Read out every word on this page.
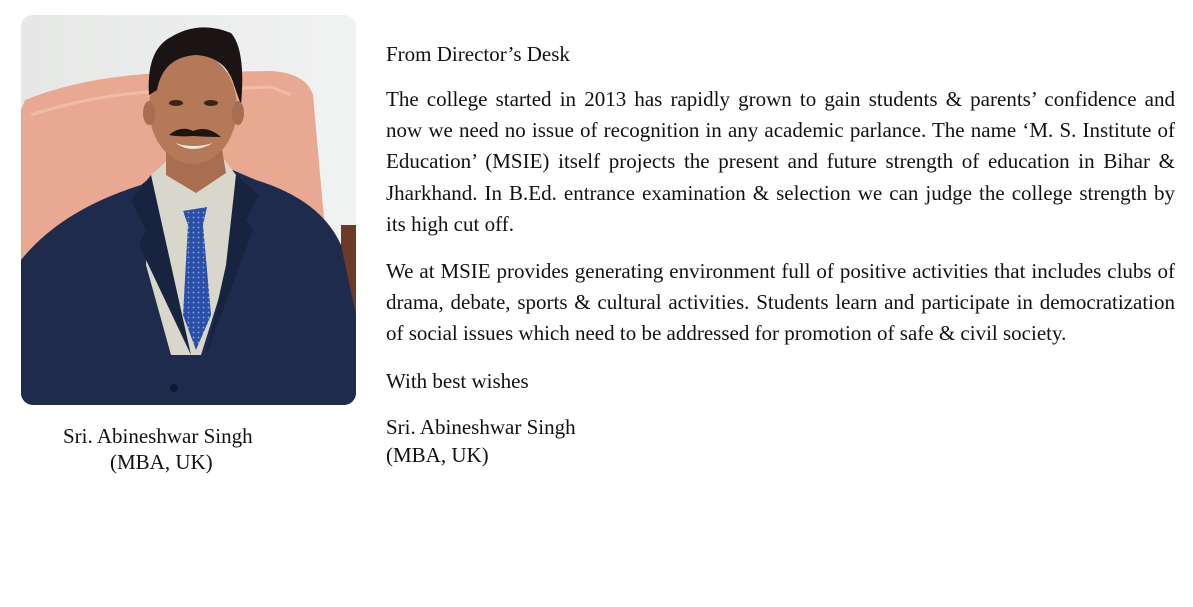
Sri. Abineshwar Singh
(MBA, UK)

From Director’s Desk

The college started in 2013 has rapidly grown to gain students & parents’ confidence and now we need no issue of recognition in any academic parlance. The name ‘M. S. Institute of Education’ (MSIE) itself projects the present and future strength of education in Bihar & Jharkhand. In B.Ed. entrance examination & selection we can judge the college strength by its high cut off.

We at MSIE provides generating environment full of positive activities that includes clubs of drama, debate, sports & cultural activities. Students learn and participate in democratization of social issues which need to be addressed for promotion of safe & civil society.

With best wishes

Sri. Abineshwar Singh

(MBA, UK)
